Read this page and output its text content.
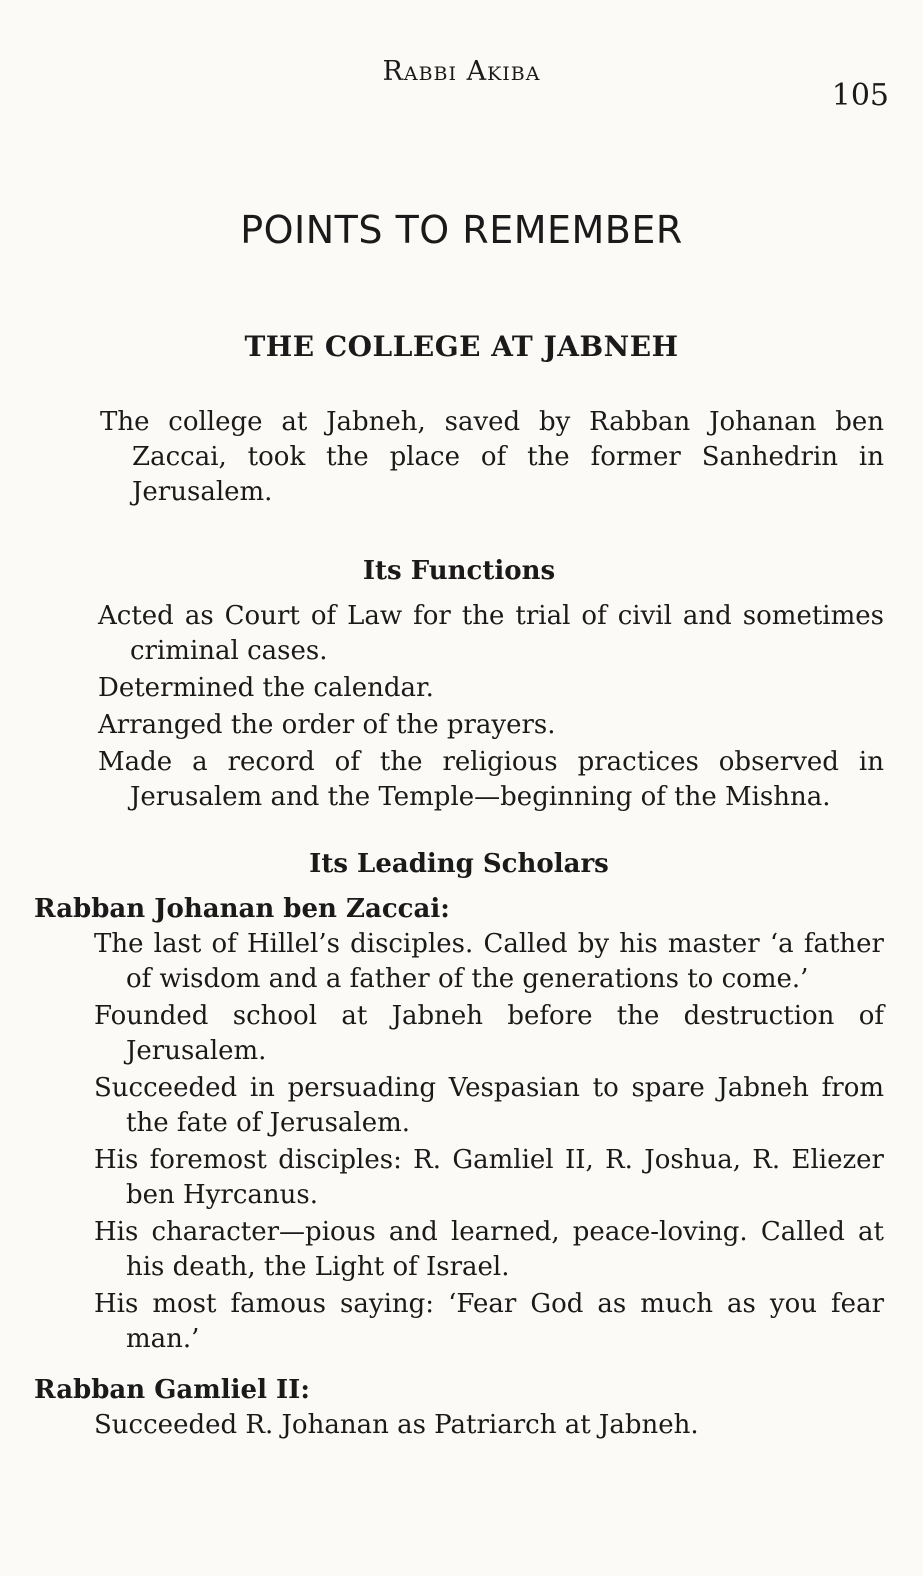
Rabbi Akiba
105
POINTS TO REMEMBER
THE COLLEGE AT JABNEH

The college at Jabneh, saved by Rabban Johanan ben Zaccai, took the place of the former Sanhedrin in Jerusalem.

Its Functions

Acted as Court of Law for the trial of civil and sometimes criminal cases.

Determined the calendar.

Arranged the order of the prayers.

Made a record of the religious practices observed in Jerusalem and the Temple—beginning of the Mishna.

Its Leading Scholars

Rabban Johanan ben Zaccai:

The last of Hillel’s disciples. Called by his master ‘a father of wisdom and a father of the generations to come.’

Founded school at Jabneh before the destruction of Jerusalem.

Succeeded in persuading Vespasian to spare Jabneh from the fate of Jerusalem.

His foremost disciples: R. Gamliel II, R. Joshua, R. Eliezer ben Hyrcanus.

His character—pious and learned, peace-loving. Called at his death, the Light of Israel.

His most famous saying: ‘Fear God as much as you fear man.’

Rabban Gamliel II:

Succeeded R. Johanan as Patriarch at Jabneh.
